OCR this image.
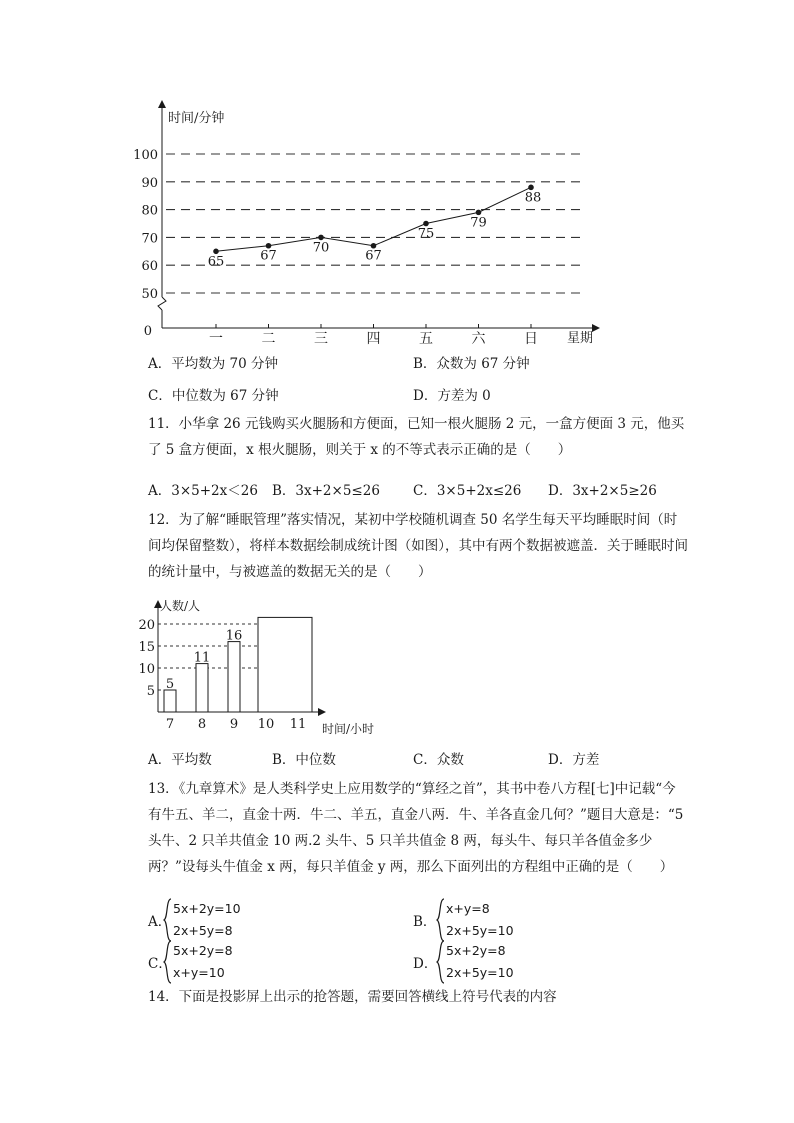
时间/分钟
星期
0
50
60
70
80
90
100
一	二	三	四	五	六	日
65	67
70
67
75
79
88
A．平均数为 70 分钟	B．众数为 67 分钟
C．中位数为 67 分钟	D．方差为 0
11．小华拿 26 元钱购买火腿肠和方便面，已知一根火腿肠 2 元，一盒方便面 3 元，他买了 5 盒方便面，x 根火腿肠，则关于 x 的不等式表示正确的是（　　）
A．3×5+2x＜26 B．3x+2×5≤26 C．3×5+2x≤26 D．3x+2×5≥26
12．为了解“睡眠管理”落实情况，某初中学校随机调查 50 名学生每天平均睡眠时间（时间均保留整数），将样本数据绘制成统计图（如图），其中有两个数据被遮盖．关于睡眠时间的统计量中，与被遮盖的数据无关的是（　　）
时间/小时
人数/人
5
10
15
20
7 8 9 10 11
5
11
16
A．平均数	B．中位数	C．众数	D．方差
13．《九章算术》是人类科学史上应用数学的“算经之首”，其书中卷八方程[七]中记载“今有牛五、羊二，直金十两．牛二、羊五，直金八两．牛、羊各直金几何？”题目大意是：“5 头牛、2 只羊共值金 10 两.2 头牛、5 只羊共值金 8 两，每头牛、每只羊各值金多少两？”设每头牛值金 x 两，每只羊值金 y 两，那么下面列出的方程组中正确的是（　　）
A．
5x+2y=10
2x+5y=8
B．
x+y=8
2x+5y=10
C．
5x+2y=8
x+y=10
D．
5x+2y=8
2x+5y=10
14．下面是投影屏上出示的抢答题，需要回答横线上符号代表的内容
